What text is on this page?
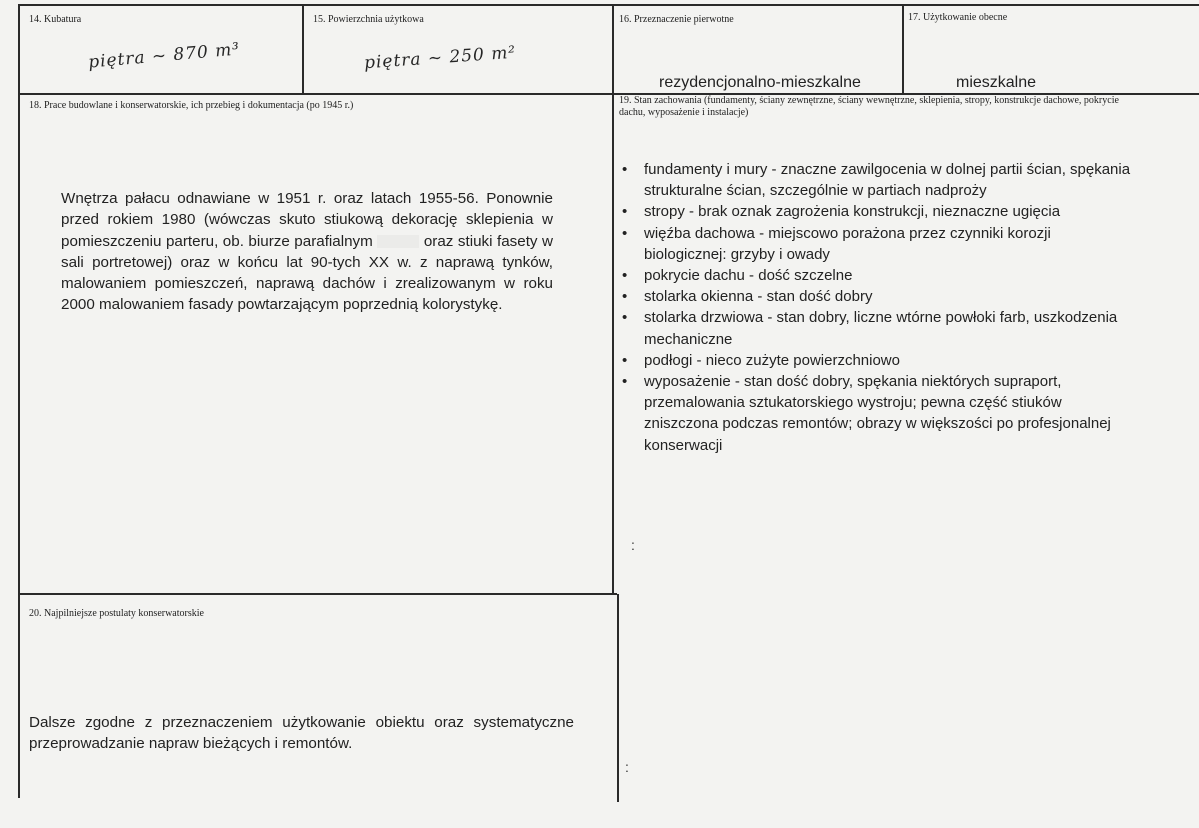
14. Kubatura
piętra ~ 870 m³
15. Powierzchnia użytkowa
piętra ~ 250 m²
16. Przeznaczenie pierwotne
rezydencjonalno-mieszkalne
17. Użytkowanie obecne
mieszkalne
18. Prace budowlane i konserwatorskie, ich przebieg i dokumentacja (po 1945 r.)
Wnętrza pałacu odnawiane w 1951 r. oraz latach 1955-56. Ponownie przed rokiem 1980 (wówczas skuto stiukową dekorację sklepienia w pomieszczeniu parteru, ob. biurze parafialnym	oraz stiuki fasety w sali portretowej) oraz w końcu lat 90-tych XX w. z naprawą tynków, malowaniem pomieszczeń, naprawą dachów i zrealizowanym w roku 2000 malowaniem fasady powtarzającym poprzednią kolorystykę.
19. Stan zachowania (fundamenty, ściany zewnętrzne, ściany wewnętrzne, sklepienia, stropy, konstrukcje dachowe, pokrycie dachu, wyposażenie i instalacje)
• fundamenty i mury - znaczne zawilgocenia w dolnej partii ścian, spękania strukturalne ścian, szczególnie w partiach nadproży
• stropy - brak oznak zagrożenia konstrukcji, nieznaczne ugięcia
• więźba dachowa - miejscowo porażona przez czynniki korozji biologicznej: grzyby i owady
• pokrycie dachu - dość szczelne
• stolarka okienna - stan dość dobry
• stolarka drzwiowa - stan dobry, liczne wtórne powłoki farb, uszkodzenia mechaniczne
• podłogi - nieco zużyte powierzchniowo
• wyposażenie - stan dość dobry, spękania niektórych supraport, przemalowania sztukatorskiego wystroju; pewna część stiuków zniszczona podczas remontów; obrazy w większości po profesjonalnej konserwacji
:
:
20. Najpilniejsze postulaty konserwatorskie
Dalsze zgodne z przeznaczeniem użytkowanie obiektu oraz systematyczne przeprowadzanie napraw bieżących i remontów.
